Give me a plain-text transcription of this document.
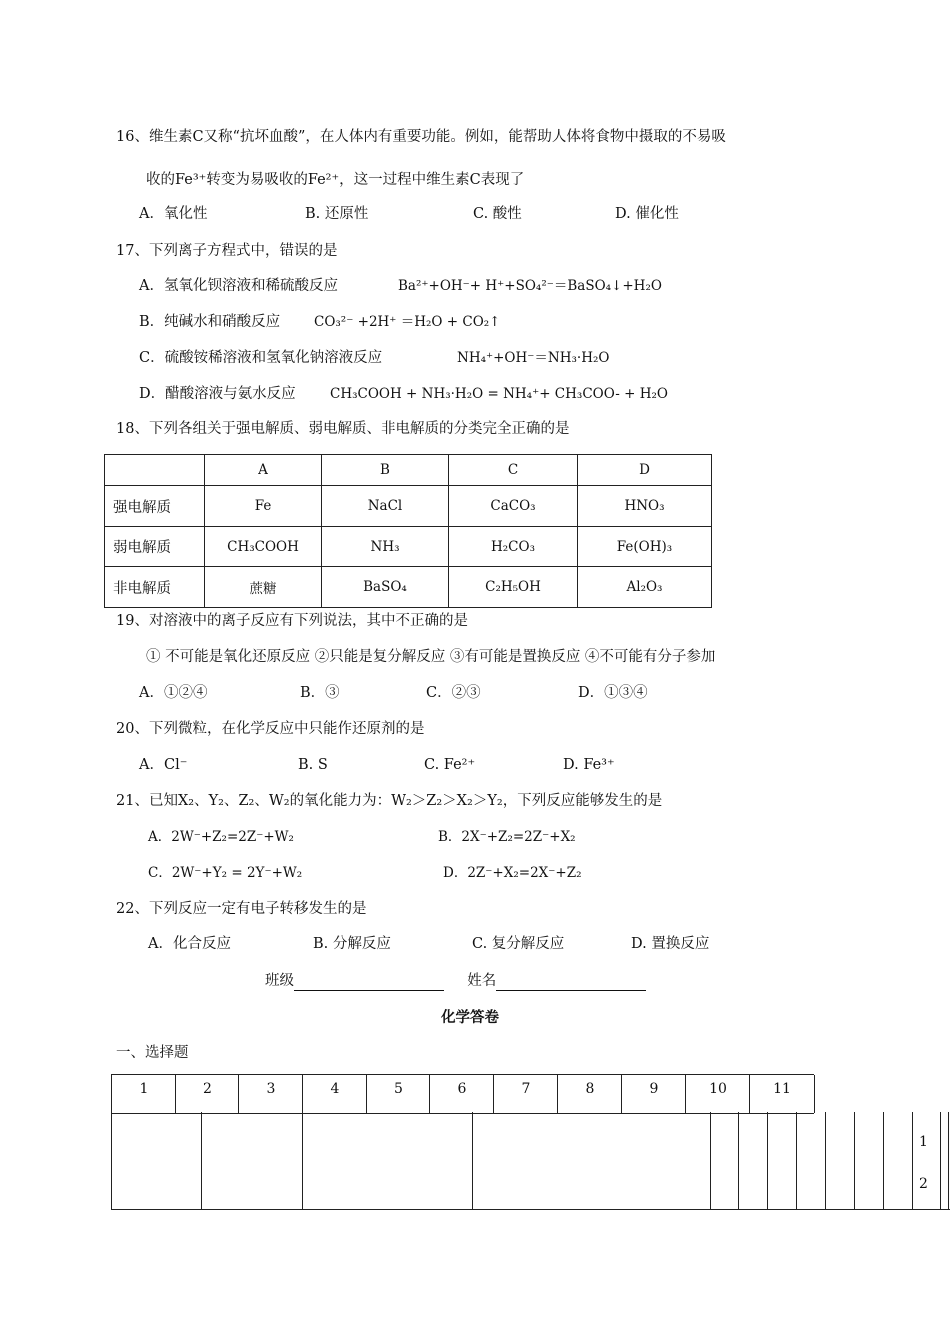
16、维生素C又称“抗坏血酸”，在人体内有重要功能。例如，能帮助人体将食物中摄取的不易吸
收的Fe³⁺转变为易吸收的Fe²⁺，这一过程中维生素C表现了
A．氧化性	B. 还原性	C. 酸性	D. 催化性
17、下列离子方程式中，错误的是
A．氢氧化钡溶液和稀硫酸反应	Ba²⁺+OH⁻+ H⁺+SO₄²⁻＝BaSO₄↓+H₂O
B．纯碱水和硝酸反应	CO₃²⁻ +2H⁺ ＝H₂O + CO₂↑
C．硫酸铵稀溶液和氢氧化钠溶液反应	NH₄⁺+OH⁻＝NH₃·H₂O
D．醋酸溶液与氨水反应	CH₃COOH + NH₃·H₂O = NH₄⁺+ CH₃COO- + H₂O
18、下列各组关于强电解质、弱电解质、非电解质的分类完全正确的是
	A	B	C	D
强电解质	Fe	NaCl	CaCO₃	HNO₃
弱电解质	CH₃COOH	NH₃	H₂CO₃	Fe(OH)₃
非电解质	蔗糖	BaSO₄	C₂H₅OH	Al₂O₃
19、对溶液中的离子反应有下列说法，其中不正确的是
① 不可能是氧化还原反应 ②只能是复分解反应 ③有可能是置换反应 ④不可能有分子参加
A．①②④	B．③	C．②③	D．①③④
20、下列微粒，在化学反应中只能作还原剂的是
A．Cl⁻	B. S	C. Fe²⁺	D. Fe³⁺
21、已知X₂、Y₂、Z₂、W₂的氧化能力为：W₂＞Z₂＞X₂＞Y₂，下列反应能够发生的是
A．2W⁻+Z₂=2Z⁻+W₂	B．2X⁻+Z₂=2Z⁻+X₂
C．2W⁻+Y₂ = 2Y⁻+W₂	D．2Z⁻+X₂=2X⁻+Z₂
22、下列反应一定有电子转移发生的是
A．化合反应	B. 分解反应	C. 复分解反应	D. 置换反应
班级	姓名
化学答卷
一、选择题
1	2	3	4	5	6	7	8	9	10	11
1
2
